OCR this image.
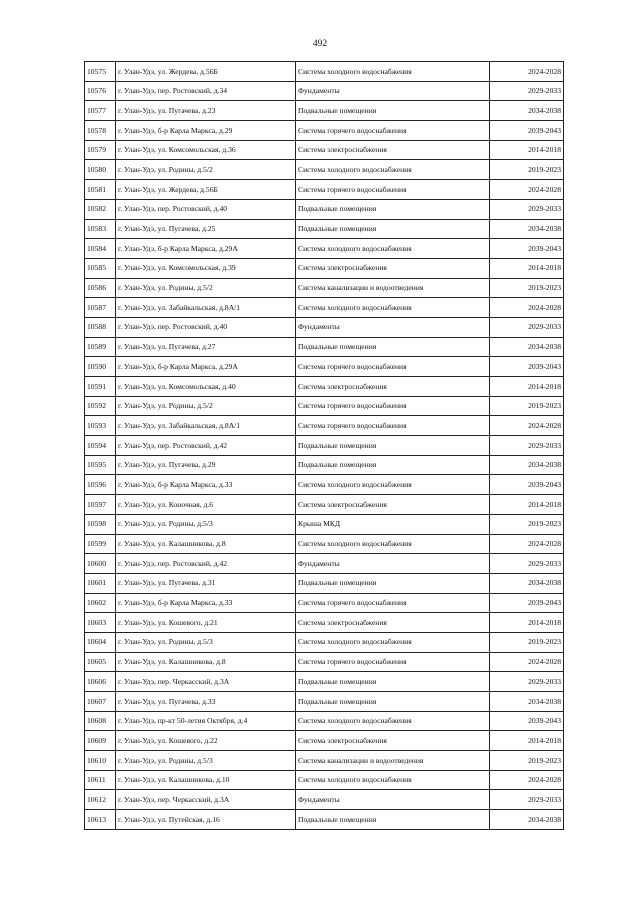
492
10575	г. Улан-Удэ, ул. Жердева, д.56Б	Система холодного водоснабжения	2024-2028
10576	г. Улан-Удэ, пер. Ростовский, д.34	Фундаменты	2029-2033
10577	г. Улан-Удэ, ул. Пугачева, д.23	Подвальные помещения	2034-2038
10578	г. Улан-Удэ, б-р Карла Маркса, д.29	Система горячего водоснабжения	2039-2043
10579	г. Улан-Удэ, ул. Комсомольская, д.36	Система электроснабжения	2014-2018
10580	г. Улан-Удэ, ул. Родины, д.5/2	Система холодного водоснабжения	2019-2023
10581	г. Улан-Удэ, ул. Жердева, д.56Б	Система горячего водоснабжения	2024-2028
10582	г. Улан-Удэ, пер. Ростовский, д.40	Подвальные помещения	2029-2033
10583	г. Улан-Удэ, ул. Пугачева, д.25	Подвальные помещения	2034-2038
10584	г. Улан-Удэ, б-р Карла Маркса, д.29А	Система холодного водоснабжения	2039-2043
10585	г. Улан-Удэ, ул. Комсомольская, д.39	Система электроснабжения	2014-2018
10586	г. Улан-Удэ, ул. Родины, д.5/2	Система канализации и водоотведения	2019-2023
10587	г. Улан-Удэ, ул. Забайкальская, д.8А/1	Система холодного водоснабжения	2024-2028
10588	г. Улан-Удэ, пер. Ростовский, д.40	Фундаменты	2029-2033
10589	г. Улан-Удэ, ул. Пугачева, д.27	Подвальные помещения	2034-2038
10590	г. Улан-Удэ, б-р Карла Маркса, д.29А	Система горячего водоснабжения	2039-2043
10591	г. Улан-Удэ, ул. Комсомольская, д.40	Система электроснабжения	2014-2018
10592	г. Улан-Удэ, ул. Родины, д.5/2	Система горячего водоснабжения	2019-2023
10593	г. Улан-Удэ, ул. Забайкальская, д.8А/1	Система горячего водоснабжения	2024-2028
10594	г. Улан-Удэ, пер. Ростовский, д.42	Подвальные помещения	2029-2033
10595	г. Улан-Удэ, ул. Пугачева, д.29	Подвальные помещения	2034-2038
10596	г. Улан-Удэ, б-р Карла Маркса, д.33	Система холодного водоснабжения	2039-2043
10597	г. Улан-Удэ, ул. Коночная, д.6	Система электроснабжения	2014-2018
10598	г. Улан-Удэ, ул. Родины, д.5/3	Крыша МКД	2019-2023
10599	г. Улан-Удэ, ул. Калашникова, д.8	Система холодного водоснабжения	2024-2028
10600	г. Улан-Удэ, пер. Ростовский, д.42	Фундаменты	2029-2033
10601	г. Улан-Удэ, ул. Пугачева, д.31	Подвальные помещения	2034-2038
10602	г. Улан-Удэ, б-р Карла Маркса, д.33	Система горячего водоснабжения	2039-2043
10603	г. Улан-Удэ, ул. Кошевого, д.21	Система электроснабжения	2014-2018
10604	г. Улан-Удэ, ул. Родины, д.5/3	Система холодного водоснабжения	2019-2023
10605	г. Улан-Удэ, ул. Калашникова, д.8	Система горячего водоснабжения	2024-2028
10606	г. Улан-Удэ, пер. Черкасский, д.3А	Подвальные помещения	2029-2033
10607	г. Улан-Удэ, ул. Пугачева, д.33	Подвальные помещения	2034-2038
10608	г. Улан-Удэ, пр-кт 50-летия Октября, д.4	Система холодного водоснабжения	2039-2043
10609	г. Улан-Удэ, ул. Кошевого, д.22	Система электроснабжения	2014-2018
10610	г. Улан-Удэ, ул. Родины, д.5/3	Система канализации и водоотведения	2019-2023
10611	г. Улан-Удэ, ул. Калашникова, д.10	Система холодного водоснабжения	2024-2028
10612	г. Улан-Удэ, пер. Черкасский, д.3А	Фундаменты	2029-2033
10613	г. Улан-Удэ, ул. Путейская, д.16	Подвальные помещения	2034-2038
